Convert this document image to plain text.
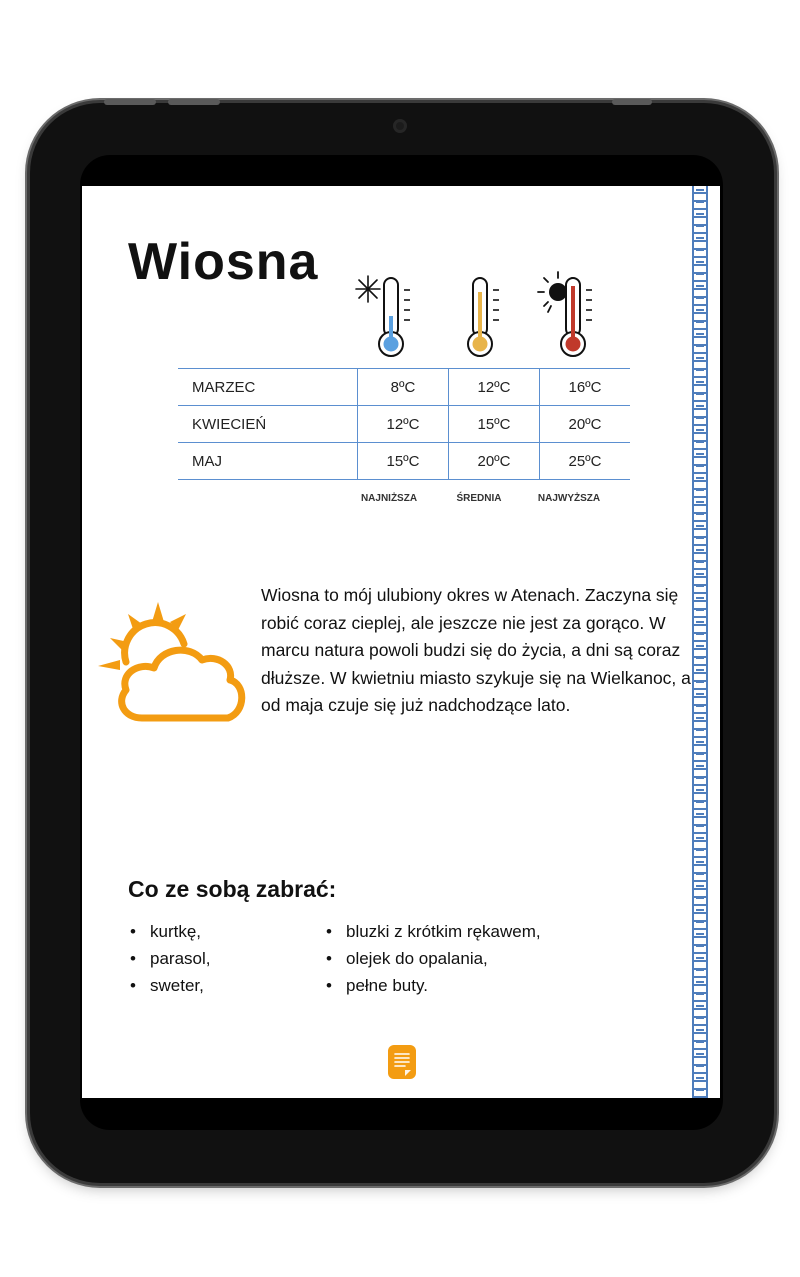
Wiosna
MARZEC	8ºC	12ºC	16ºC
KWIECIEŃ	12ºC	15ºC	20ºC
MAJ	15ºC	20ºC	25ºC
NAJNIŻSZA	ŚREDNIA	NAJWYŻSZA
Wiosna to mój ulubiony okres w Atenach. Zaczyna się robić coraz cieplej, ale jeszcze nie jest za gorąco. W marcu natura powoli budzi się do życia, a dni są coraz dłuższe. W kwietniu miasto szykuje się na Wielkanoc, a od maja czuje się już nadchodzące lato.
Co ze sobą zabrać:
• kurtkę,
• parasol,
• sweter,
• bluzki z krótkim rękawem,
• olejek do opalania,
• pełne buty.
